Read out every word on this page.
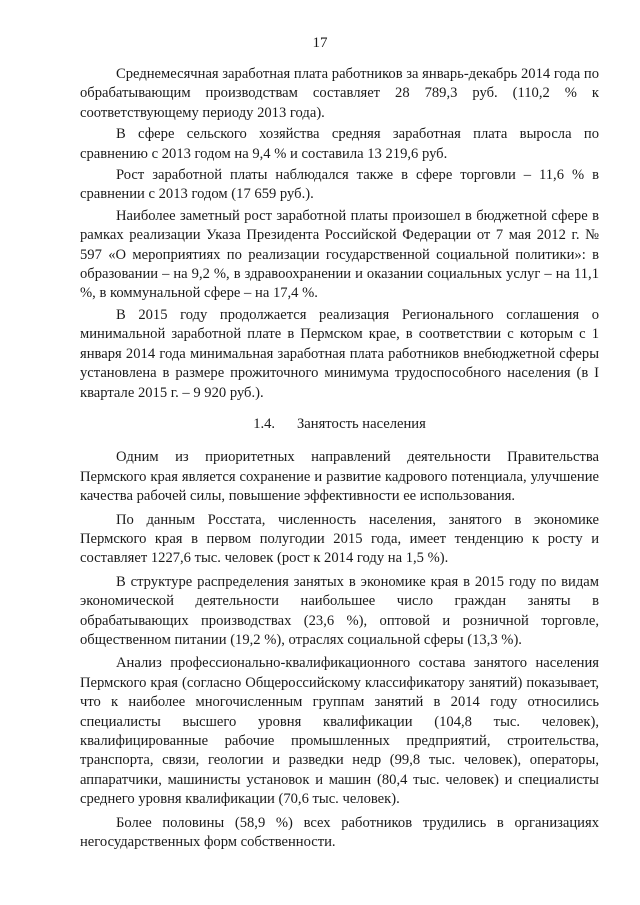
17

Среднемесячная заработная плата работников за январь-декабрь 2014 года по обрабатывающим производствам составляет 28 789,3 руб. (110,2 % к соответствующему периоду 2013 года).

В сфере сельского хозяйства средняя заработная плата выросла по сравнению с 2013 годом на 9,4 % и составила 13 219,6 руб.

Рост заработной платы наблюдался также в сфере торговли – 11,6 % в сравнении с 2013 годом (17 659 руб.).

Наиболее заметный рост заработной платы произошел в бюджетной сфере в рамках реализации Указа Президента Российской Федерации от 7 мая 2012 г. № 597 «О мероприятиях по реализации государственной социальной политики»: в образовании – на 9,2 %, в здравоохранении и оказании социальных услуг – на 11,1 %, в коммунальной сфере – на 17,4 %.

В 2015 году продолжается реализация Регионального соглашения о минимальной заработной плате в Пермском крае, в соответствии с которым с 1 января 2014 года минимальная заработная плата работников внебюджетной сферы установлена в размере прожиточного минимума трудоспособного населения (в I квартале 2015 г. – 9 920 руб.).

1.4. Занятость населения

Одним из приоритетных направлений деятельности Правительства Пермского края является сохранение и развитие кадрового потенциала, улучшение качества рабочей силы, повышение эффективности ее использования.

По данным Росстата, численность населения, занятого в экономике Пермского края в первом полугодии 2015 года, имеет тенденцию к росту и составляет 1227,6 тыс. человек (рост к 2014 году на 1,5 %).

В структуре распределения занятых в экономике края в 2015 году по видам экономической деятельности наибольшее число граждан заняты в обрабатывающих производствах (23,6 %), оптовой и розничной торговле, общественном питании (19,2 %), отраслях социальной сферы (13,3 %).

Анализ профессионально-квалификационного состава занятого населения Пермского края (согласно Общероссийскому классификатору занятий) показывает, что к наиболее многочисленным группам занятий в 2014 году относились специалисты высшего уровня квалификации (104,8 тыс. человек), квалифицированные рабочие промышленных предприятий, строительства, транспорта, связи, геологии и разведки недр (99,8 тыс. человек), операторы, аппаратчики, машинисты установок и машин (80,4 тыс. человек) и специалисты среднего уровня квалификации (70,6 тыс. человек).

Более половины (58,9 %) всех работников трудились в организациях негосударственных форм собственности.
